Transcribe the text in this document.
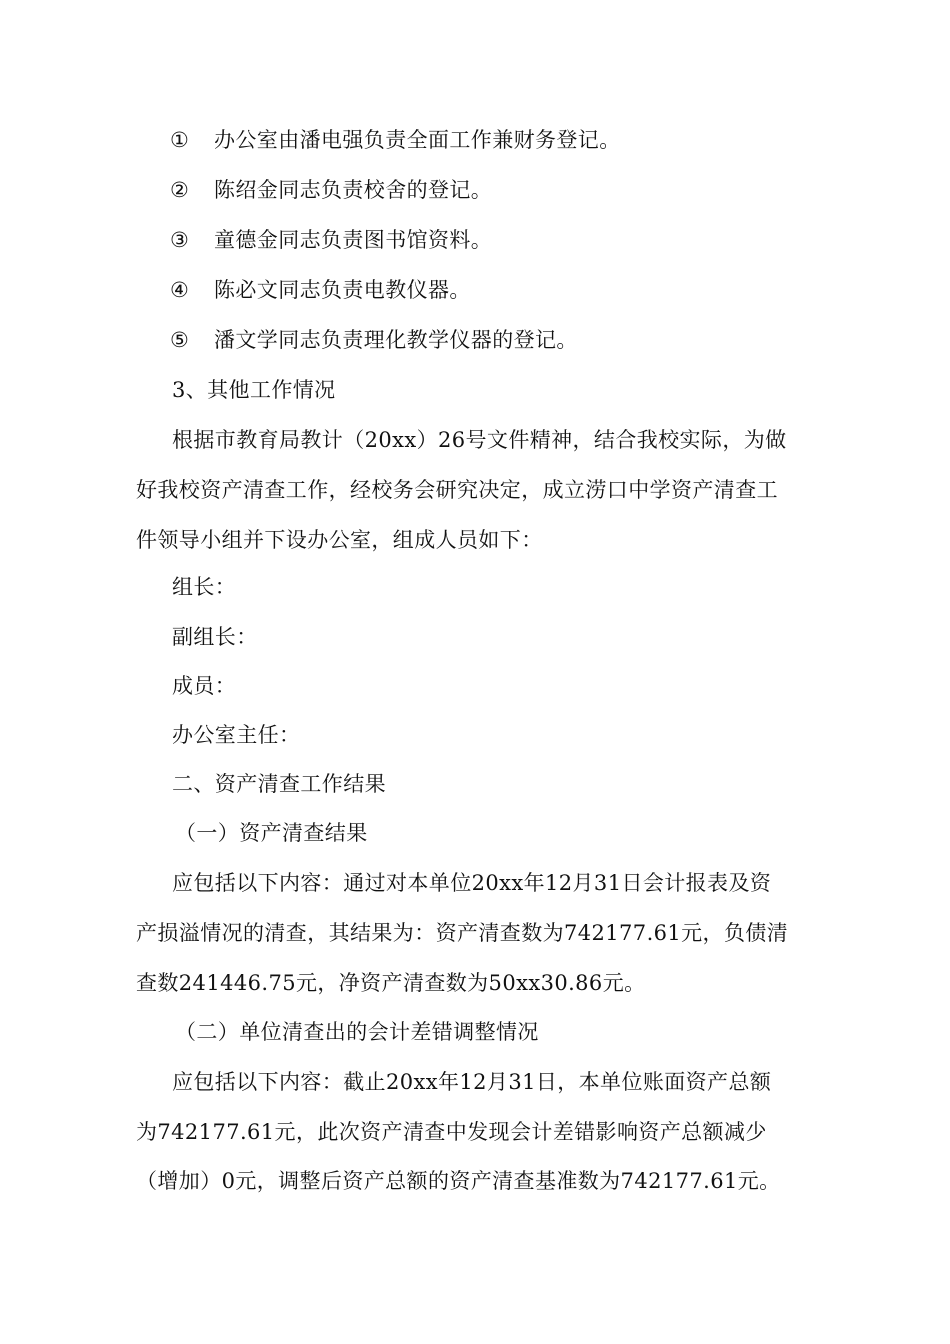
① 办公室由潘电强负责全面工作兼财务登记。
② 陈绍金同志负责校舍的登记。
③ 童德金同志负责图书馆资料。
④ 陈必文同志负责电教仪器。
⑤ 潘文学同志负责理化教学仪器的登记。
3、其他工作情况
根据市教育局教计（20xx）26号文件精神，结合我校实际，为做
好我校资产清查工作，经校务会研究决定，成立涝口中学资产清查工
件领导小组并下设办公室，组成人员如下：
组长：
副组长：
成员：
办公室主任：
二、资产清查工作结果
（一）资产清查结果
应包括以下内容：通过对本单位20xx年12月31日会计报表及资
产损溢情况的清查，其结果为：资产清查数为742177.61元，负债清
查数241446.75元，净资产清查数为50xx30.86元。
（二）单位清查出的会计差错调整情况
应包括以下内容：截止20xx年12月31日，本单位账面资产总额
为742177.61元，此次资产清查中发现会计差错影响资产总额减少
（增加）0元，调整后资产总额的资产清查基准数为742177.61元。
